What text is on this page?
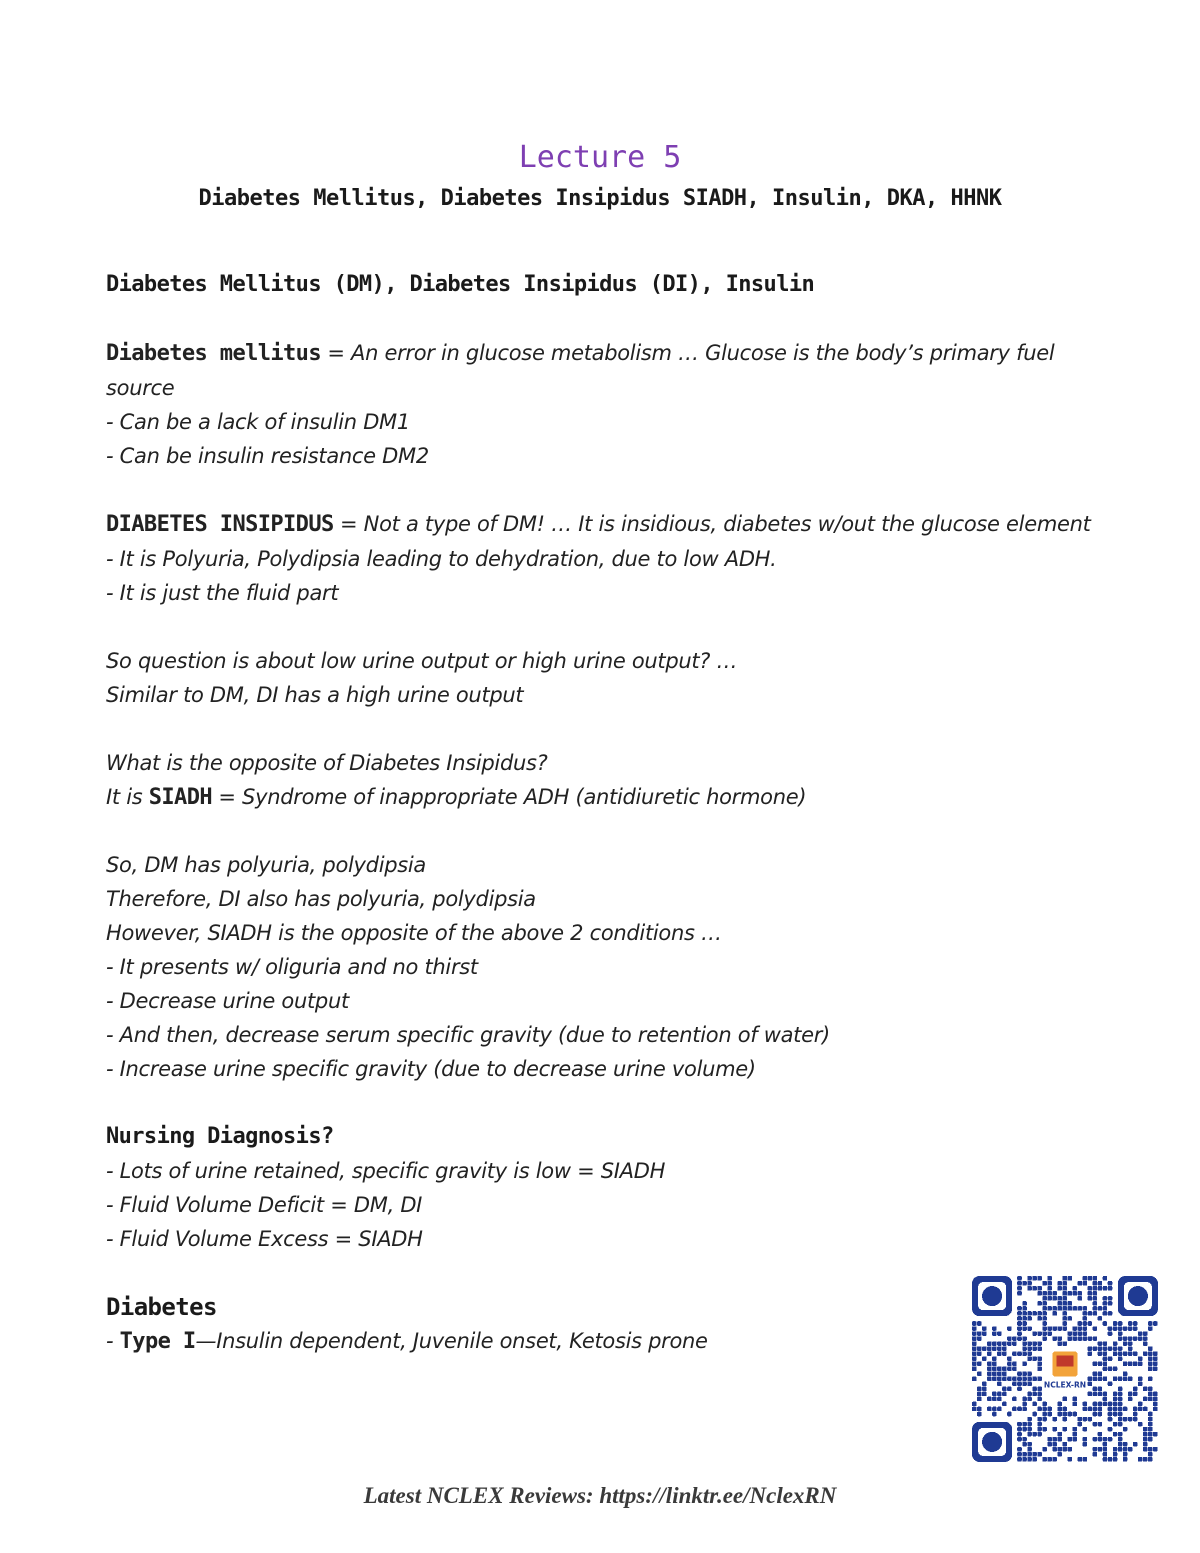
Lecture 5
Diabetes Mellitus, Diabetes Insipidus SIADH, Insulin, DKA, HHNK
Diabetes Mellitus (DM), Diabetes Insipidus (DI), Insulin
Diabetes mellitus = An error in glucose metabolism … Glucose is the body’s primary fuel source
- Can be a lack of insulin DM1
- Can be insulin resistance DM2
DIABETES INSIPIDUS = Not a type of DM! … It is insidious, diabetes w/out the glucose element
- It is Polyuria, Polydipsia leading to dehydration, due to low ADH.
- It is just the fluid part
So question is about low urine output or high urine output? …
Similar to DM, DI has a high urine output
What is the opposite of Diabetes Insipidus?
It is SIADH = Syndrome of inappropriate ADH (antidiuretic hormone)
So, DM has polyuria, polydipsia
Therefore, DI also has polyuria, polydipsia
However, SIADH is the opposite of the above 2 conditions …
- It presents w/ oliguria and no thirst
- Decrease urine output
- And then, decrease serum specific gravity (due to retention of water)
- Increase urine specific gravity (due to decrease urine volume)
Nursing Diagnosis?
- Lots of urine retained, specific gravity is low = SIADH
- Fluid Volume Deficit = DM, DI
- Fluid Volume Excess = SIADH
Diabetes
- Type I—Insulin dependent, Juvenile onset, Ketosis prone
NCLEX-RN
Latest NCLEX Reviews: https://linktr.ee/NclexRN
